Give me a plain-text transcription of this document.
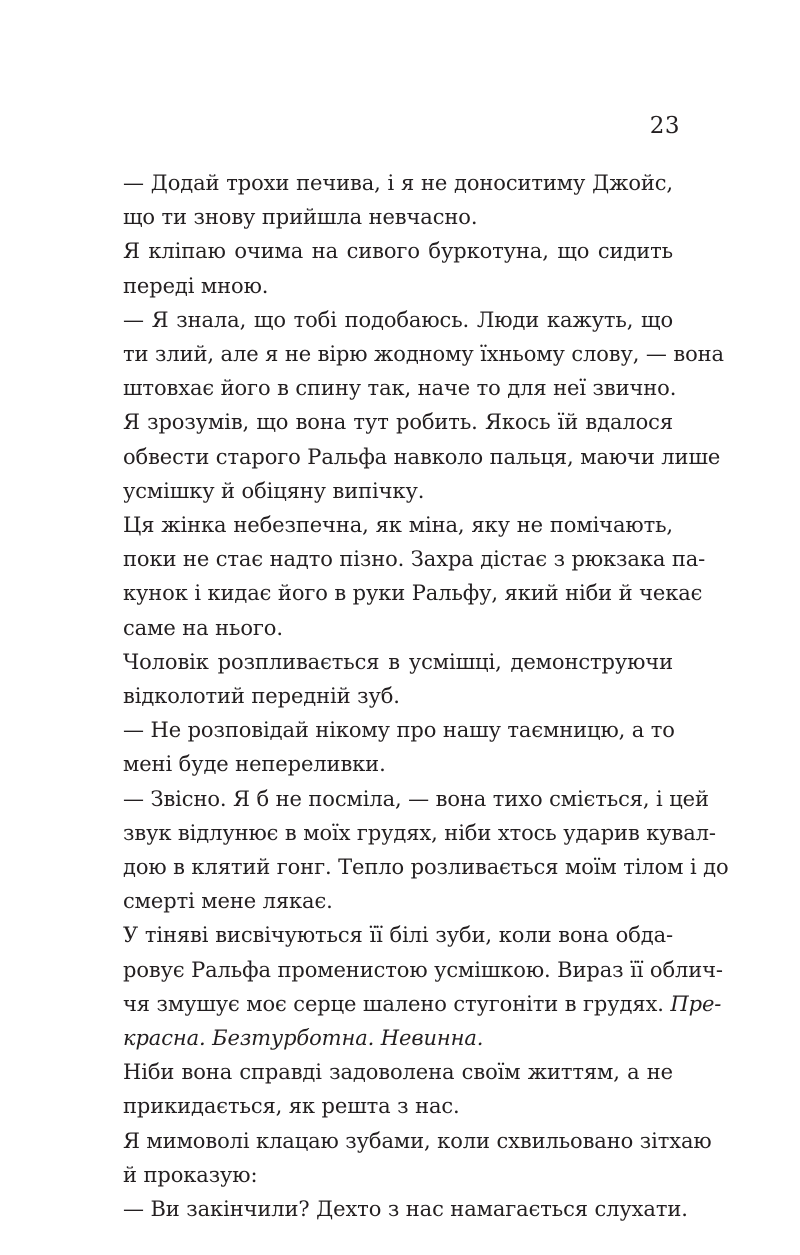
23

— Додай трохи печива, і я не доноситиму Джойс,
що ти знову прийшла невчасно.

Я кліпаю очима на сивого буркотуна, що сидить
переді мною.

— Я знала, що тобі подобаюсь. Люди кажуть, що
ти злий, але я не вірю жодному їхньому слову, — вона
штовхає його в спину так, наче то для неї звично.

Я зрозумів, що вона тут робить. Якось їй вдалося
обвести старого Ральфа навколо пальця, маючи лише
усмішку й обіцяну випічку.

Ця жінка небезпечна, як міна, яку не помічають,
поки не стає надто пізно. Захра дістає з рюкзака па-
кунок і кидає його в руки Ральфу, який ніби й чекає
саме на нього.

Чоловік розпливається в усмішці, демонструючи
відколотий передній зуб.

— Не розповідай нікому про нашу таємницю, а то
мені буде непереливки.

— Звісно. Я б не посміла, — вона тихо сміється, і цей
звук відлунює в моїх грудях, ніби хтось ударив кувал-
дою в клятий гонг. Тепло розливається моїм тілом і до
смерті мене лякає.

У тіняві висвічуються її білі зуби, коли вона обда-
ровує Ральфа променистою усмішкою. Вираз її облич-
чя змушує моє серце шалено стугоніти в грудях. Пре-
красна. Безтурботна. Невинна.

Ніби вона справді задоволена своїм життям, а не
прикидається, як решта з нас.

Я мимоволі клацаю зубами, коли схвильовано зітхаю
й проказую:

— Ви закінчили? Дехто з нас намагається слухати.
